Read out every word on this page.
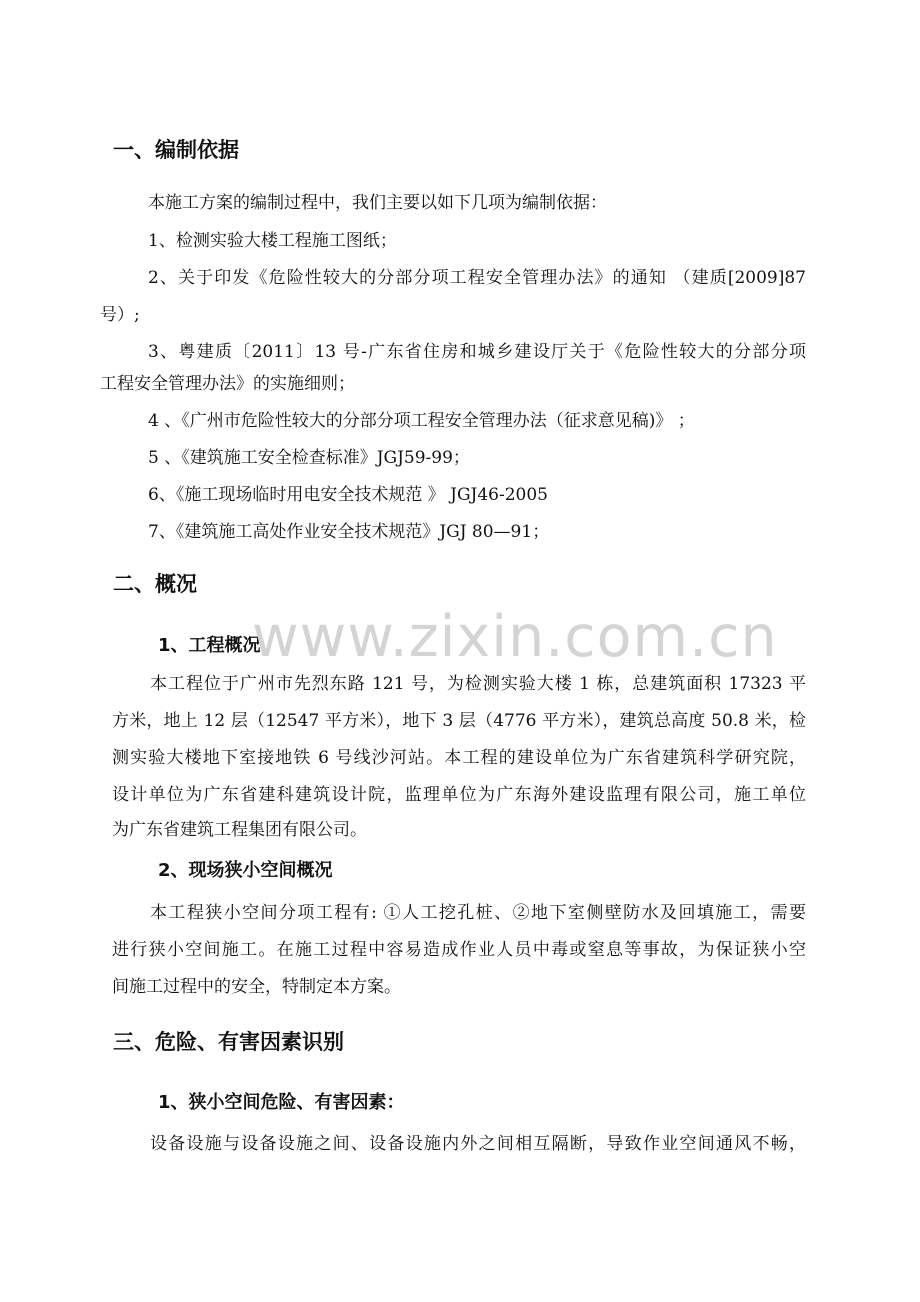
一、编制依据
本施工方案的编制过程中，我们主要以如下几项为编制依据：
1、检测实验大楼工程施工图纸；
2、关于印发《危险性较大的分部分项工程安全管理办法》的通知 （建质[2009]87
号）;
3、粤建质〔2011〕13 号-广东省住房和城乡建设厅关于《危险性较大的分部分项
工程安全管理办法》的实施细则；
4 、《广州市危险性较大的分部分项工程安全管理办法（征求意见稿)》 ；
5 、《建筑施工安全检查标准》JGJ59-99；
6、《施工现场临时用电安全技术规范 》 JGJ46-2005
7、《建筑施工高处作业安全技术规范》JGJ 80—91；
二、概况
1、工程概况
本工程位于广州市先烈东路 121 号，为检测实验大楼 1 栋，总建筑面积 17323 平
方米，地上 12 层（12547 平方米），地下 3 层（4776 平方米），建筑总高度 50.8 米，检
测实验大楼地下室接地铁 6 号线沙河站。本工程的建设单位为广东省建筑科学研究院，
设计单位为广东省建科建筑设计院，监理单位为广东海外建设监理有限公司，施工单位
为广东省建筑工程集团有限公司。
2、现场狭小空间概况
本工程狭小空间分项工程有: ①人工挖孔桩、②地下室侧壁防水及回填施工，需要
进行狭小空间施工。在施工过程中容易造成作业人员中毒或窒息等事故，为保证狭小空
间施工过程中的安全，特制定本方案。
三、危险、有害因素识别
1、狭小空间危险、有害因素：
设备设施与设备设施之间、设备设施内外之间相互隔断，导致作业空间通风不畅，
www.zixin.com.cn
